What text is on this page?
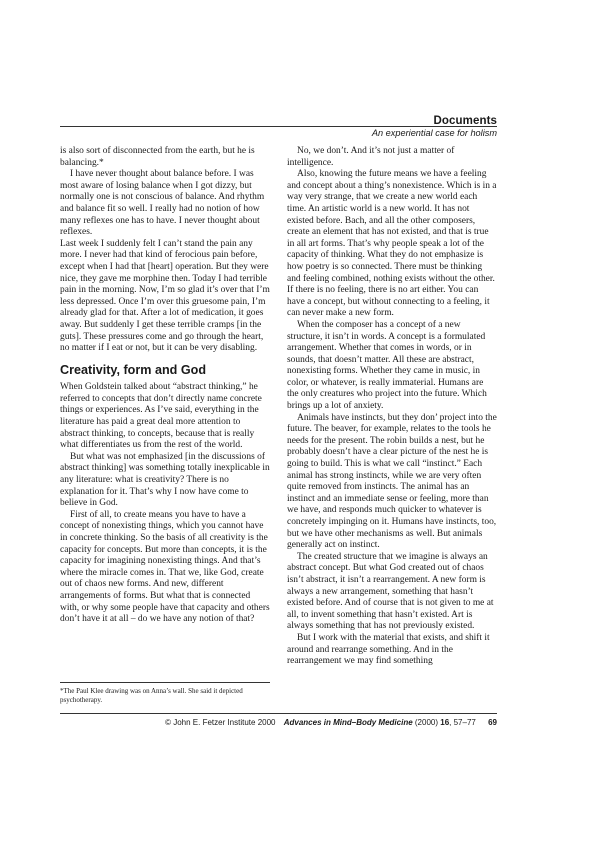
Documents
An experiential case for holism

is also sort of disconnected from the earth, but he is balancing.*

I have never thought about balance before. I was most aware of losing balance when I got dizzy, but normally one is not conscious of balance. And rhythm and balance fit so well. I really had no notion of how many reflexes one has to have. I never thought about reflexes.

Last week I suddenly felt I can’t stand the pain any more. I never had that kind of ferocious pain before, except when I had that [heart] operation. But they were nice, they gave me morphine then. Today I had terrible pain in the morning. Now, I’m so glad it’s over that I’m less depressed. Once I’m over this gruesome pain, I’m already glad for that. After a lot of medication, it goes away. But suddenly I get these terrible cramps [in the guts]. These pressures come and go through the heart, no matter if I eat or not, but it can be very disabling.

Creativity, form and God

When Goldstein talked about “abstract thinking,” he referred to concepts that don’t directly name concrete things or experiences. As I’ve said, everything in the literature has paid a great deal more attention to abstract thinking, to concepts, because that is really what differentiates us from the rest of the world.

But what was not emphasized [in the discussions of abstract thinking] was something totally inexplicable in any literature: what is creativity? There is no explanation for it. That’s why I now have come to believe in God.

First of all, to create means you have to have a concept of nonexisting things, which you cannot have in concrete thinking. So the basis of all creativity is the capacity for concepts. But more than concepts, it is the capacity for imagining nonexisting things. And that’s where the miracle comes in. That we, like God, create out of chaos new forms. And new, different arrangements of forms. But what that is connected with, or why some people have that capacity and others don’t have it at all – do we have any notion of that?

No, we don’t. And it’s not just a matter of intelligence.

Also, knowing the future means we have a feeling and concept about a thing’s nonexistence. Which is in a way very strange, that we create a new world each time. An artistic world is a new world. It has not existed before. Bach, and all the other composers, create an element that has not existed, and that is true in all art forms. That’s why people speak a lot of the capacity of thinking. What they do not emphasize is how poetry is so connected. There must be thinking and feeling combined, nothing exists without the other. If there is no feeling, there is no art either. You can have a concept, but without connecting to a feeling, it can never make a new form.

When the composer has a concept of a new structure, it isn’t in words. A concept is a formulated arrangement. Whether that comes in words, or in sounds, that doesn’t matter. All these are abstract, nonexisting forms. Whether they came in music, in color, or whatever, is really immaterial. Humans are the only creatures who project into the future. Which brings up a lot of anxiety.

Animals have instincts, but they don’ project into the future. The beaver, for example, relates to the tools he needs for the present. The robin builds a nest, but he probably doesn’t have a clear picture of the nest he is going to build. This is what we call “instinct.” Each animal has strong instincts, while we are very often quite removed from instincts. The animal has an instinct and an immediate sense or feeling, more than we have, and responds much quicker to whatever is concretely impinging on it. Humans have instincts, too, but we have other mechanisms as well. But animals generally act on instinct.

The created structure that we imagine is always an abstract concept. But what God created out of chaos isn’t abstract, it isn’t a rearrangement. A new form is always a new arrangement, something that hasn’t existed before. And of course that is not given to me at all, to invent something that hasn’t existed. Art is always something that has not previously existed.

But I work with the material that exists, and shift it around and rearrange something. And in the rearrangement we may find something

*The Paul Klee drawing was on Anna’s wall. She said it depicted psychotherapy.
© John E. Fetzer Institute 2000 Advances in Mind–Body Medicine (2000) 16, 57–77 69
